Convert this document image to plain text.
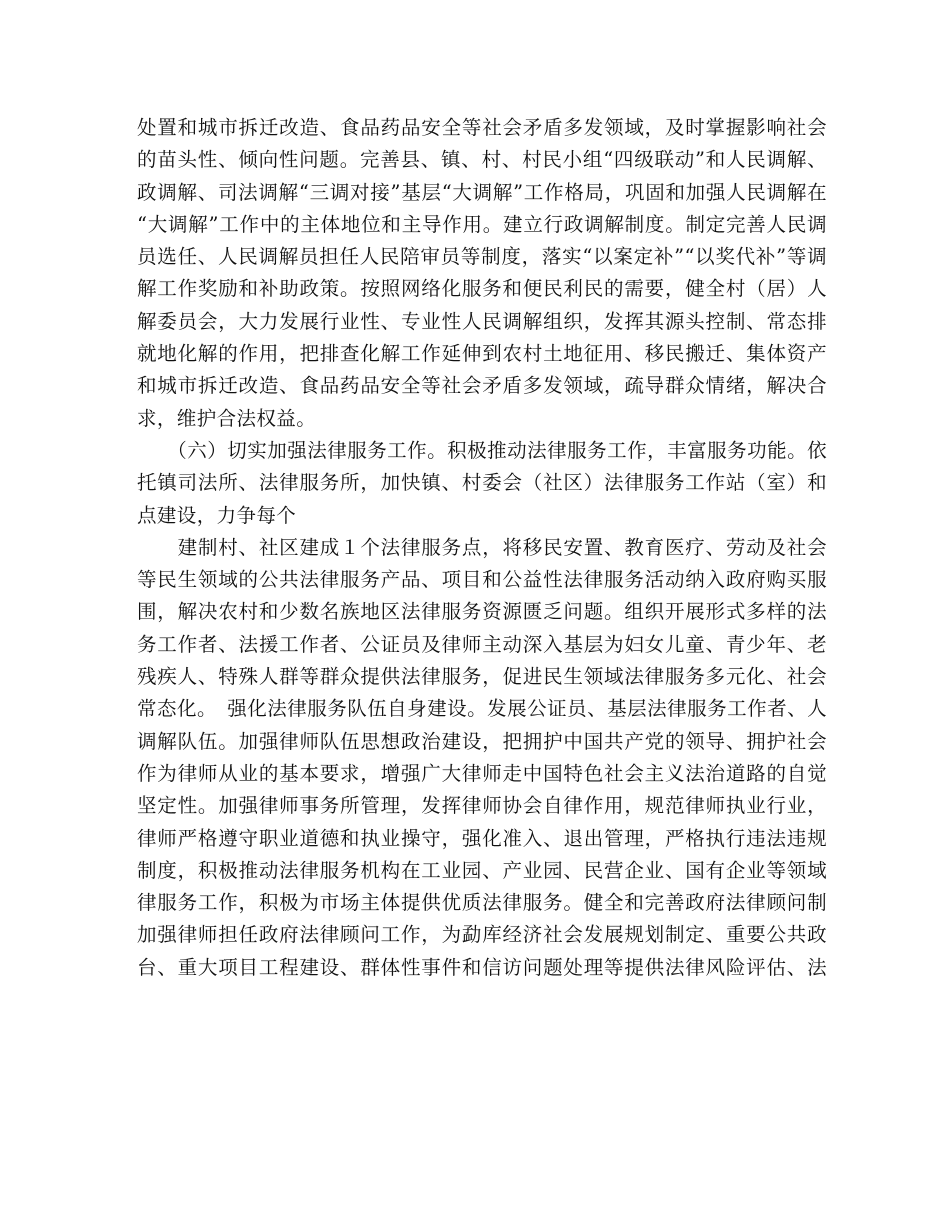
处置和城市拆迁改造、食品药品安全等社会矛盾多发领域，及时掌握影响社会
的苗头性、倾向性问题。完善县、镇、村、村民小组“四级联动”和人民调解、
政调解、司法调解“三调对接”基层“大调解”工作格局，巩固和加强人民调解在
“大调解”工作中的主体地位和主导作用。建立行政调解制度。制定完善人民调
员选任、人民调解员担任人民陪审员等制度，落实“以案定补”“以奖代补”等调
解工作奖励和补助政策。按照网络化服务和便民利民的需要，健全村（居）人
解委员会，大力发展行业性、专业性人民调解组织，发挥其源头控制、常态排
就地化解的作用，把排查化解工作延伸到农村土地征用、移民搬迁、集体资产
和城市拆迁改造、食品药品安全等社会矛盾多发领域，疏导群众情绪，解决合
求，维护合法权益。
　　（六）切实加强法律服务工作。积极推动法律服务工作，丰富服务功能。依
托镇司法所、法律服务所，加快镇、村委会（社区）法律服务工作站（室）和
点建设，力争每个
　　建制村、社区建成１个法律服务点，将移民安置、教育医疗、劳动及社会
等民生领域的公共法律服务产品、项目和公益性法律服务活动纳入政府购买服
围，解决农村和少数名族地区法律服务资源匮乏问题。组织开展形式多样的法
务工作者、法援工作者、公证员及律师主动深入基层为妇女儿童、青少年、老
残疾人、特殊人群等群众提供法律服务，促进民生领域法律服务多元化、社会
常态化。　强化法律服务队伍自身建设。发展公证员、基层法律服务工作者、人
调解队伍。加强律师队伍思想政治建设，把拥护中国共产党的领导、拥护社会
作为律师从业的基本要求，增强广大律师走中国特色社会主义法治道路的自觉
坚定性。加强律师事务所管理，发挥律师协会自律作用，规范律师执业行业，
律师严格遵守职业道德和执业操守，强化准入、退出管理，严格执行违法违规
制度，积极推动法律服务机构在工业园、产业园、民营企业、国有企业等领域
律服务工作，积极为市场主体提供优质法律服务。健全和完善政府法律顾问制
加强律师担任政府法律顾问工作，为勐库经济社会发展规划制定、重要公共政
台、重大项目工程建设、群体性事件和信访问题处理等提供法律风险评估、法
